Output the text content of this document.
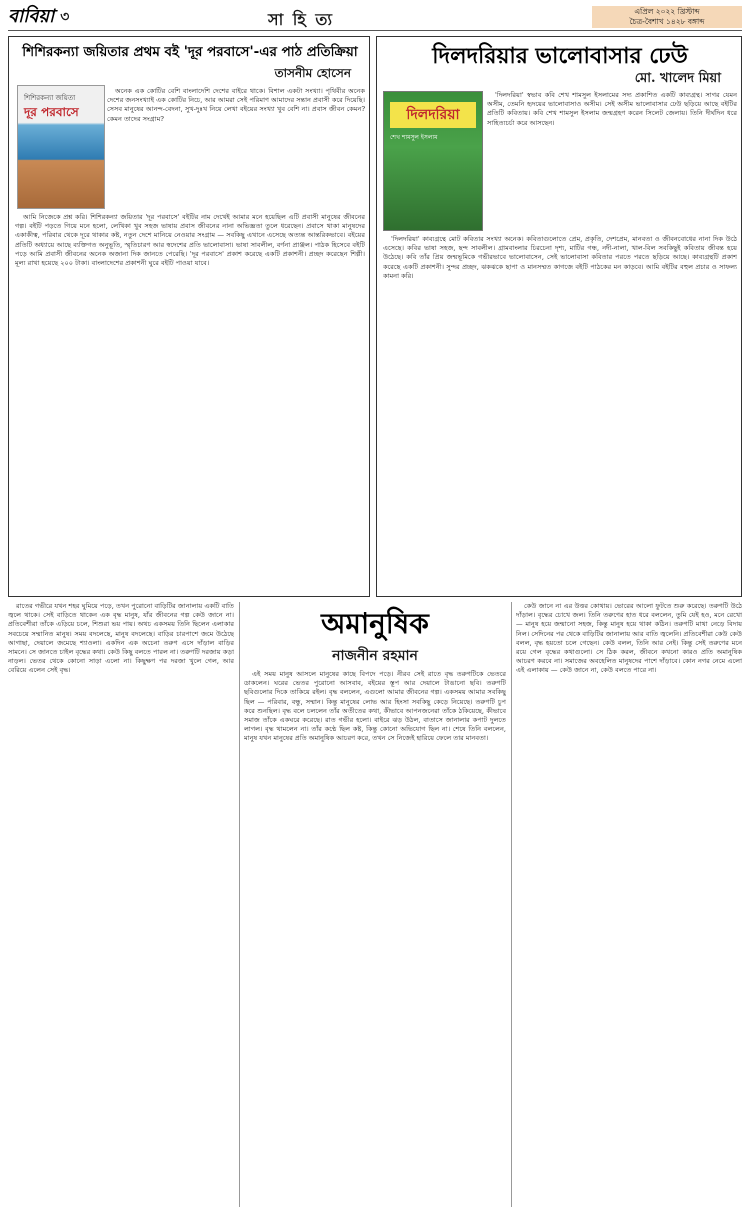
বাবিয়া ৩	সা হি ত্য	এপ্রিল ২০২২ খ্রিস্টাব্দ
চৈত্র-বৈশাখ ১৪২৮ বঙ্গাব্দ
শিশিরকন্যা জয়িতার প্রথম বই 'দূর পরবাসে'-এর পাঠ প্রতিক্রিয়া
তাসনীম হোসেন
শিশিরকন্যা জয়িতা
দূর পরবাসে

অনেক এক কোটির বেশি বাংলাদেশি দেশের বাইরে থাকে। বিশাল একটা সংখ্যা। পৃথিবীর অনেক দেশের জনসংখ্যাই এক কোটির নিচে, আর আমরা সেই পরিমাণ আমাদের সন্তান প্রবাসী করে দিয়েছি। সেসব মানুষের আনন্দ-বেদনা, সুখ-দুঃখ নিয়ে লেখা বইয়ের সংখ্যা খুব বেশি না। প্রবাস জীবন কেমন? কেমন তাদের সংগ্রাম?

আমি নিজেকে প্রশ্ন করি। শিশিরকন্যা জয়িতার 'দূর পরবাসে' বইটির নাম দেখেই আমার মনে হয়েছিল এটি প্রবাসী মানুষের জীবনের গল্প। বইটি পড়তে গিয়ে মনে হলো, লেখিকা খুব সহজ ভাষায় প্রবাস জীবনের নানা অভিজ্ঞতা তুলে ধরেছেন। প্রবাসে থাকা মানুষদের একাকীত্ব, পরিবার থেকে দূরে থাকার কষ্ট, নতুন দেশে মানিয়ে নেওয়ার সংগ্রাম — সবকিছু এখানে এসেছে অত্যন্ত আন্তরিকভাবে। বইয়ের প্রতিটি অধ্যায়ে আছে ব্যক্তিগত অনুভূতি, স্মৃতিচারণ আর স্বদেশের প্রতি ভালোবাসা। ভাষা সাবলীল, বর্ণনা প্রাঞ্জল। পাঠক হিসেবে বইটি পড়ে আমি প্রবাসী জীবনের অনেক অজানা দিক জানতে পেরেছি। 'দূর পরবাসে' প্রকাশ করেছে একটি প্রকাশনী। প্রচ্ছদ করেছেন শিল্পী। মূল্য রাখা হয়েছে ২০০ টাকা। বাংলাদেশের প্রকাশনী ঘুরে বইটি পাওয়া যাবে।

দিলদরিয়ার ভালোবাসার ঢেউ
মো. খালেদ মিয়া
দিলদরিয়া
শেখ শামসুল ইসলাম

'দিলদরিয়া' স্বভাব কবি শেখ শামসুল ইসলামের সদ্য প্রকাশিত একটি কাব্যগ্রন্থ। সাগর যেমন অসীম, তেমনি হৃদয়ের ভালোবাসাও অসীম। সেই অসীম ভালোবাসার ঢেউ ছড়িয়ে আছে বইটির প্রতিটি কবিতায়। কবি শেখ শামসুল ইসলাম জন্মগ্রহণ করেন সিলেট জেলায়। তিনি দীর্ঘদিন ধরে সাহিত্যচর্চা করে আসছেন।

'দিলদরিয়া' কাব্যগ্রন্থে মোট কবিতার সংখ্যা অনেক। কবিতাগুলোতে প্রেম, প্রকৃতি, দেশপ্রেম, মানবতা ও জীবনবোধের নানা দিক উঠে এসেছে। কবির ভাষা সহজ, ছন্দ সাবলীল। গ্রামবাংলার চিরচেনা দৃশ্য, মাটির গন্ধ, নদী-নালা, খাল-বিল সবকিছুই কবিতায় জীবন্ত হয়ে উঠেছে। কবি তাঁর প্রিয় জন্মভূমিকে গভীরভাবে ভালোবাসেন, সেই ভালোবাসা কবিতার পরতে পরতে ছড়িয়ে আছে। কাব্যগ্রন্থটি প্রকাশ করেছে একটি প্রকাশনী। সুন্দর প্রচ্ছদ, ঝকঝকে ছাপা ও মানসম্মত কাগজে বইটি পাঠকের মন কাড়বে। আমি বইটির বহুল প্রচার ও সাফল্য কামনা করি।

রাতের গভীরে যখন শহর ঘুমিয়ে পড়ে, তখন পুরোনো বাড়িটির জানালায় একটি বাতি জ্বলে থাকে। সেই বাড়িতে থাকেন এক বৃদ্ধ মানুষ, যাঁর জীবনের গল্প কেউ জানে না। প্রতিবেশীরা তাঁকে এড়িয়ে চলে, শিশুরা ভয় পায়। অথচ একসময় তিনি ছিলেন এলাকার সবচেয়ে সম্মানিত মানুষ। সময় বদলেছে, মানুষ বদলেছে। বাড়ির চারপাশে জমে উঠেছে আগাছা, দেয়ালে জমেছে শ্যাওলা। একদিন এক অচেনা তরুণ এসে দাঁড়াল বাড়ির সামনে। সে জানতে চাইল বৃদ্ধের কথা। কেউ কিছু বলতে পারল না। তরুণটি দরজায় কড়া নাড়ল। ভেতর থেকে কোনো সাড়া এলো না। কিছুক্ষণ পর দরজা খুলে গেল, আর বেরিয়ে এলেন সেই বৃদ্ধ।

অমানুষিক
নাজনীন রহমান

এই সময় মানুষ আসলে মানুষের কাছে বিপদে পড়ে। নীরব সেই রাতে বৃদ্ধ তরুণটিকে ভেতরে ডাকলেন। ঘরের ভেতর পুরোনো আসবাব, বইয়ের স্তূপ আর দেয়ালে টাঙানো ছবি। তরুণটি ছবিগুলোর দিকে তাকিয়ে রইল। বৃদ্ধ বললেন, এগুলো আমার জীবনের গল্প। একসময় আমার সবকিছু ছিল — পরিবার, বন্ধু, সম্মান। কিন্তু মানুষের লোভ আর হিংসা সবকিছু কেড়ে নিয়েছে। তরুণটি চুপ করে শুনছিল। বৃদ্ধ বলে চললেন তাঁর অতীতের কথা, কীভাবে আপনজনেরা তাঁকে ঠকিয়েছে, কীভাবে সমাজ তাঁকে একঘরে করেছে। রাত গভীর হলো। বাইরে ঝড় উঠল, বাতাসে জানালার কপাট দুলতে লাগল। বৃদ্ধ থামলেন না। তাঁর কণ্ঠে ছিল কষ্ট, কিন্তু কোনো অভিযোগ ছিল না। শেষে তিনি বললেন, মানুষ যখন মানুষের প্রতি অমানুষিক আচরণ করে, তখন সে নিজেই হারিয়ে ফেলে তার মানবতা।

কেউ জানে না এর উত্তর কোথায়। ভোরের আলো ফুটতে শুরু করেছে। তরুণটি উঠে দাঁড়াল। বৃদ্ধের চোখে জল। তিনি তরুণের হাত ধরে বললেন, তুমি যেই হও, মনে রেখো — মানুষ হয়ে জন্মানো সহজ, কিন্তু মানুষ হয়ে থাকা কঠিন। তরুণটি মাথা নেড়ে বিদায় নিল। সেদিনের পর থেকে বাড়িটির জানালায় আর বাতি জ্বলেনি। প্রতিবেশীরা কেউ কেউ বলল, বৃদ্ধ হয়তো চলে গেছেন। কেউ বলল, তিনি আর নেই। কিন্তু সেই তরুণের মনে রয়ে গেল বৃদ্ধের কথাগুলো। সে ঠিক করল, জীবনে কখনো কারও প্রতি অমানুষিক আচরণ করবে না। সমাজের অবহেলিত মানুষদের পাশে দাঁড়াবে। কোন নগর নেমে এলো এই এলাকায় — কেউ জানে না, কেউ বলতে পারে না।
